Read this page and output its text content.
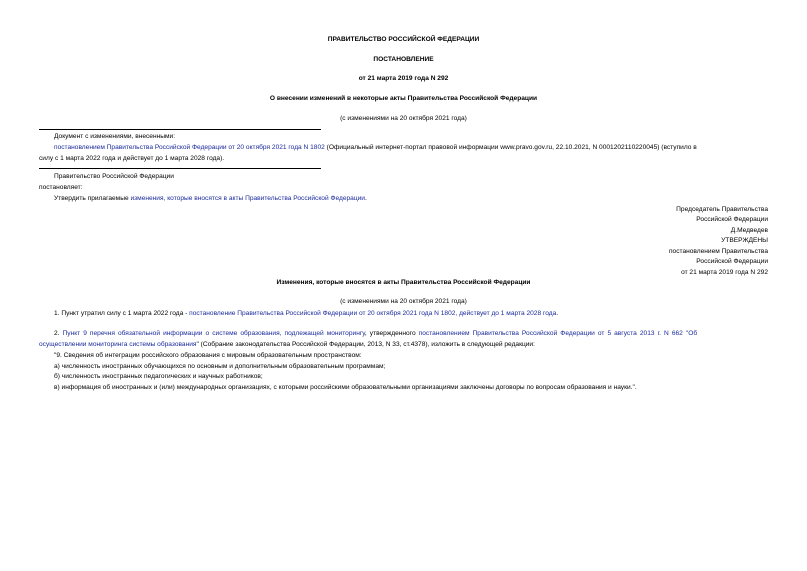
ПРАВИТЕЛЬСТВО РОССИЙСКОЙ ФЕДЕРАЦИИ
ПОСТАНОВЛЕНИЕ
от 21 марта 2019 года N 292
О внесении изменений в некоторые акты Правительства Российской Федерации
(с изменениями на 20 октября 2021 года)
Документ с изменениями, внесенными:
постановлением Правительства Российской Федерации от 20 октября 2021 года N 1802 (Официальный интернет-портал правовой информации www.pravo.gov.ru, 22.10.2021, N 0001202110220045) (вступило в
силу с 1 марта 2022 года и действует до 1 марта 2028 года).
Правительство Российской Федерации
постановляет:
Утвердить прилагаемые изменения, которые вносятся в акты Правительства Российской Федерации.
Председатель Правительства
Российской Федерации
Д.Медведев
УТВЕРЖДЕНЫ
постановлением Правительства
Российской Федерации
от 21 марта 2019 года N 292
Изменения, которые вносятся в акты Правительства Российской Федерации
(с изменениями на 20 октября 2021 года)
1. Пункт утратил силу с 1 марта 2022 года - постановление Правительства Российской Федерации от 20 октября 2021 года N 1802, действует до 1 марта 2028 года.
2. Пункт 9 перечня обязательной информации о системе образования, подлежащей мониторингу, утвержденного постановлением Правительства Российской Федерации от 5 августа 2013 г. N 662 "Об
осуществлении мониторинга системы образования" (Собрание законодательства Российской Федерации, 2013, N 33, ст.4378), изложить в следующей редакции:
"9. Сведения об интеграции российского образования с мировым образовательным пространством:
а) численность иностранных обучающихся по основным и дополнительным образовательным программам;
б) численность иностранных педагогических и научных работников;
в) информация об иностранных и (или) международных организациях, с которыми российскими образовательными организациями заключены договоры по вопросам образования и науки.".
